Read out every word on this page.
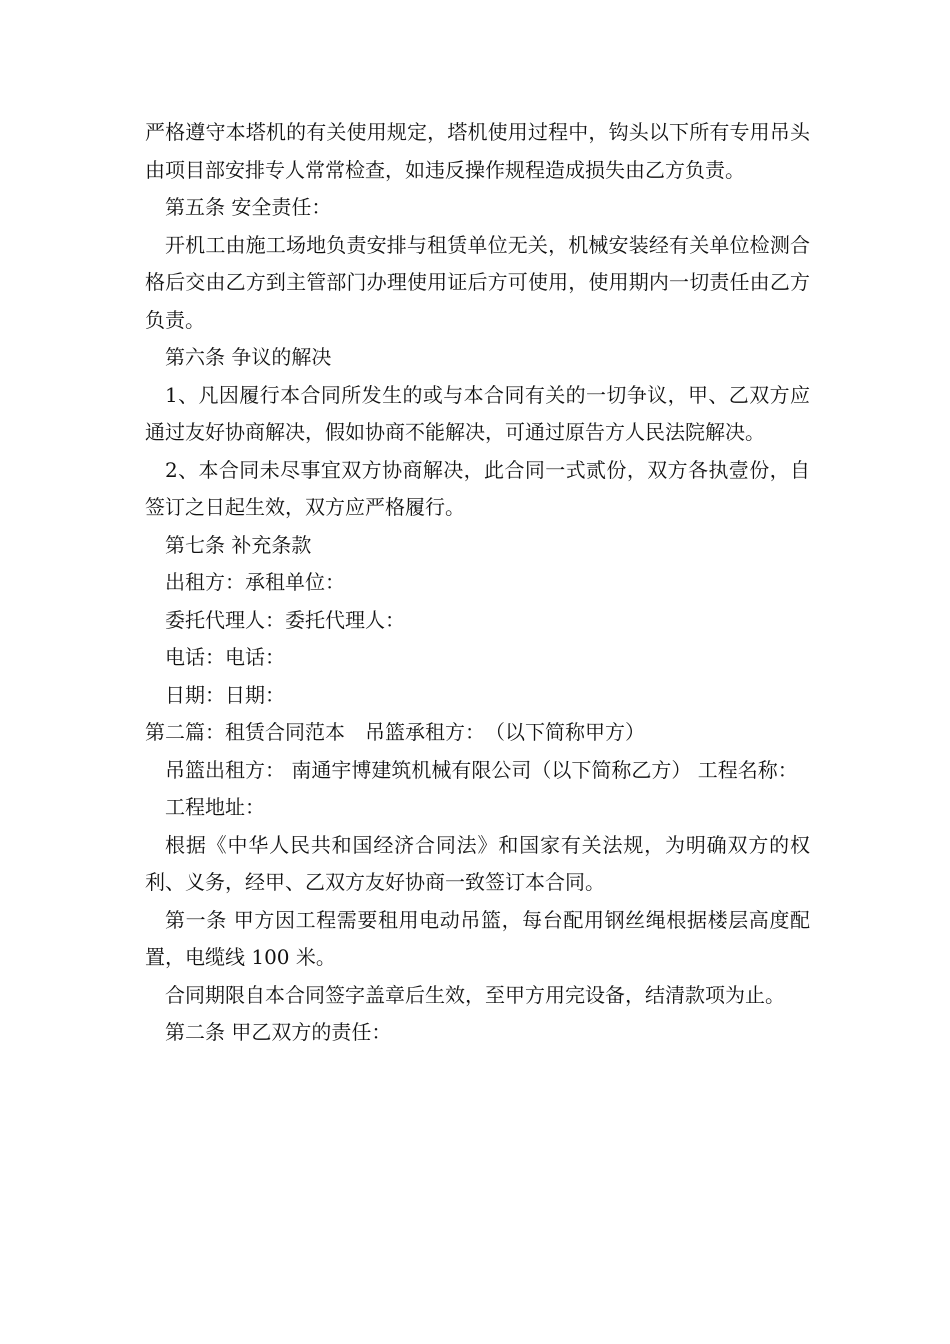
严格遵守本塔机的有关使用规定，塔机使用过程中，钩头以下所有专用吊头由项目部安排专人常常检查，如违反操作规程造成损失由乙方负责。

第五条 安全责任：

开机工由施工场地负责安排与租赁单位无关，机械安装经有关单位检测合格后交由乙方到主管部门办理使用证后方可使用，使用期内一切责任由乙方负责。

第六条 争议的解决

1、凡因履行本合同所发生的或与本合同有关的一切争议，甲、乙双方应通过友好协商解决，假如协商不能解决，可通过原告方人民法院解决。

2、本合同未尽事宜双方协商解决，此合同一式贰份，双方各执壹份，自签订之日起生效，双方应严格履行。

第七条 补充条款

出租方：承租单位：

委托代理人：委托代理人：

电话：电话：

日期：日期：

第二篇：租赁合同范本　吊篮承租方：　（以下简称甲方）

吊篮出租方： 南通宇博建筑机械有限公司（以下简称乙方） 工程名称：

工程地址：

根据《中华人民共和国经济合同法》和国家有关法规，为明确双方的权利、义务，经甲、乙双方友好协商一致签订本合同。

第一条 甲方因工程需要租用电动吊篮，每台配用钢丝绳根据楼层高度配置，电缆线 100 米。

合同期限自本合同签字盖章后生效，至甲方用完设备，结清款项为止。

第二条 甲乙双方的责任：
